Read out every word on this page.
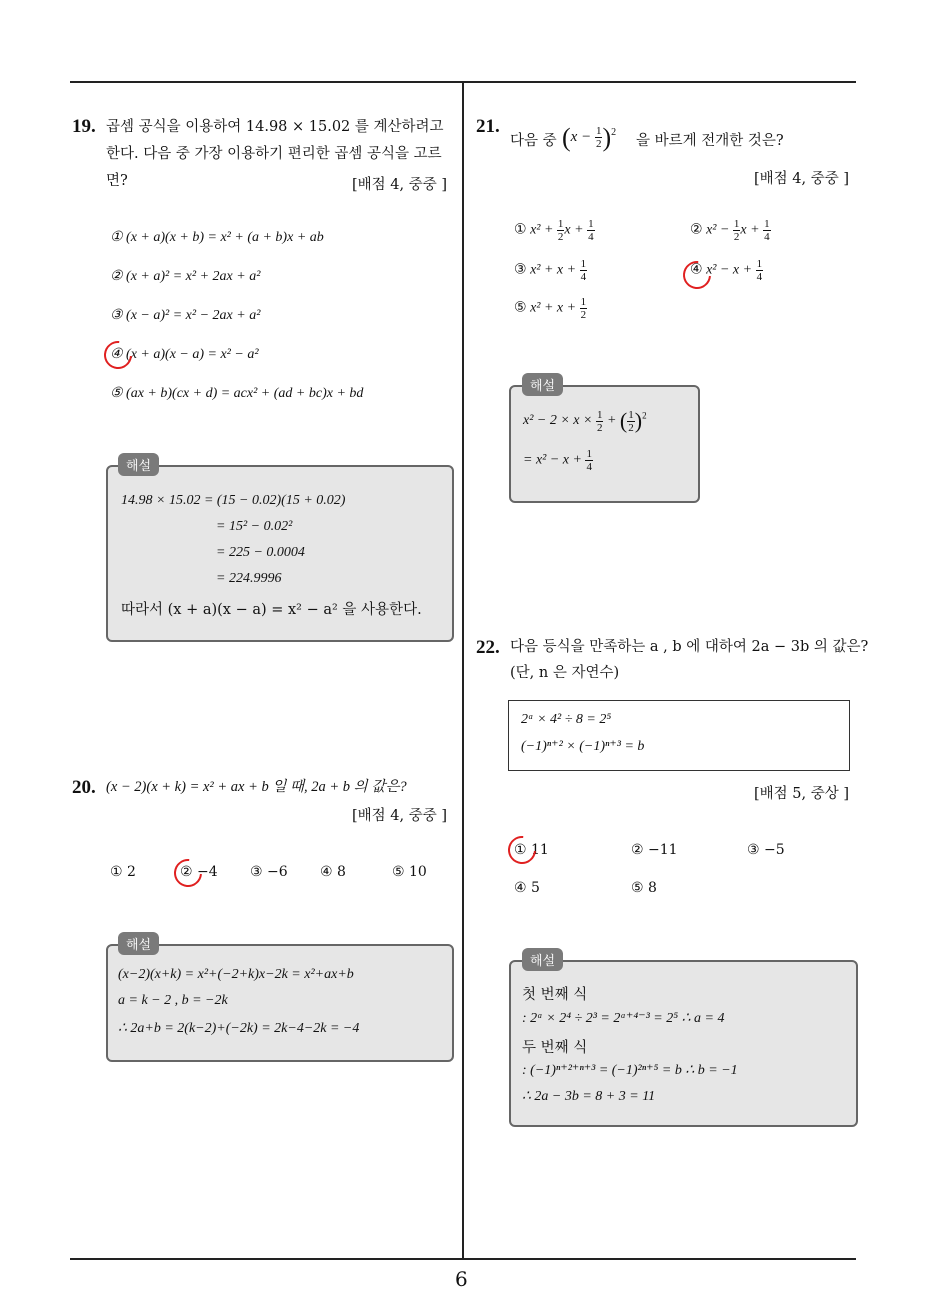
6
19. 곱셈 공식을 이용하여 14.98 × 15.02 를 계산하려고
한다. 다음 중 가장 이용하기 편리한 곱셈 공식을 고르
면?	[배점 4, 중중 ]
① (x + a)(x + b) = x² + (a + b)x + ab
② (x + a)² = x² + 2ax + a²
③ (x − a)² = x² − 2ax + a²
④ (x + a)(x − a) = x² − a²
⑤ (ax + b)(cx + d) = acx² + (ad + bc)x + bd
해설
14.98 × 15.02 = (15 − 0.02)(15 + 0.02)
= 15² − 0.02²
= 225 − 0.0004
= 224.9996
따라서 (x + a)(x − a) = x² − a² 을 사용한다.
20. (x − 2)(x + k) = x² + ax + b 일 때, 2a + b 의 값은?
[배점 4, 중중 ]
① 2	② −4 ③ −6 ④ 8	⑤ 10
해설
(x−2)(x+k) = x²+(−2+k)x−2k = x²+ax+b
a = k − 2 , b = −2k
∴ 2a+b = 2(k−2)+(−2k) = 2k−4−2k = −4
21.
다음 중 $(x - \frac{1}{2} )^2$
을 바르게 전개한 것은?
[배점 4, 중중 ]
① $x^2 + \frac{1}{2}$ $x + \frac{1}{4}$	② $x^2 - \frac{1}{2}$ $x + \frac{1}{4}$
③ $x^2 + x + \frac{1}{4}$	④ $x^2 - x + \frac{1}{4}$
⑤ $x^2 + x + \frac{1}{2}$
해설
$x^2 - 2 \times x \times \frac{1}{2}$ + ( $\frac{1}{2} )^2$
= $x^2 - x + \frac{1}{4}$
22. 다음 등식을 만족하는 a , b 에 대하여 2a − 3b 의 값은?
(단, n 은 자연수)
2ᵃ × 4² ÷ 8 = 2⁵
(−1)ⁿ⁺² × (−1)ⁿ⁺³ = b
[배점 5, 중상 ]
① 11	② −11	③ −5
④ 5	⑤ 8
해설
첫 번째 식
: 2ᵃ × 2⁴ ÷ 2³ = 2ᵃ⁺⁴⁻³ = 2⁵ ∴ a = 4
두 번째 식
: (−1)ⁿ⁺²⁺ⁿ⁺³ = (−1)²ⁿ⁺⁵ = b ∴ b = −1
∴ 2a − 3b = 8 + 3 = 11
